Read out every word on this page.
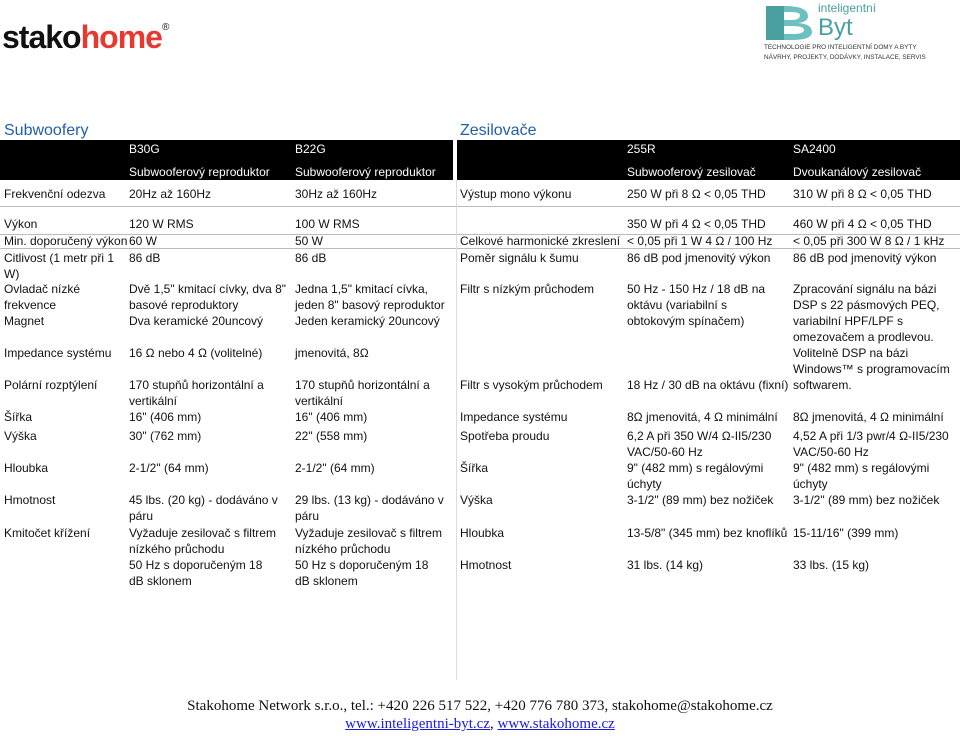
stakohome®
inteligentní
Byt
TECHNOLOGIE PRO INTELIGENTNÍ DOMY A BYTY
NÁVRHY, PROJEKTY, DODÁVKY, INSTALACE, SERVIS
Subwoofery	Zesilovače
B30G
Subwooferový reproduktor
B22G
Subwooferový reproduktor
255R
Subwooferový zesilovač
SA2400
Dvoukanálový zesilovač
Frekvenční odezva	20Hz až 160Hz	30Hz až 160Hz
Výkon	120 W RMS	100 W RMS
Min. doporučený výkon 60 W	50 W
Citlivost (1 metr při 1 W)
86 dB	86 dB
Ovladač nízké frekvence
Dvě 1,5" kmitací cívky, dva 8" basové reproduktory
Jedna 1,5" kmitací cívka, jeden 8" basový reproduktor
Magnet	Dva keramické 20uncový	Jeden keramický 20uncový
Impedance systému	16 Ω nebo 4 Ω (volitelné)	jmenovitá, 8Ω
Polární rozptýlení	170 stupňů horizontální a vertikální
170 stupňů horizontální a vertikální
Šířka	16" (406 mm)	16" (406 mm)
Výška	30" (762 mm)	22" (558 mm)
Hloubka	2-1/2" (64 mm)	2-1/2" (64 mm)
Hmotnost	45 lbs. (20 kg) - dodáváno v páru
29 lbs. (13 kg) - dodáváno v páru
Kmitočet křížení	Vyžaduje zesilovač s filtrem nízkého průchodu
Vyžaduje zesilovač s filtrem nízkého průchodu
50 Hz s doporučeným 18 dB sklonem
50 Hz s doporučeným 18 dB sklonem
Výstup mono výkonu	250 W při 8 Ω < 0,05 THD	310 W při 8 Ω < 0,05 THD
350 W při 4 Ω < 0,05 THD	460 W při 4 Ω < 0,05 THD
Celkové harmonické zkreslení < 0,05 při 1 W 4 Ω / 100 Hz	< 0,05 při 300 W 8 Ω / 1 kHz
Poměr signálu k šumu	86 dB pod jmenovitý výkon	86 dB pod jmenovitý výkon
Filtr s nízkým průchodem	50 Hz - 150 Hz / 18 dB na oktávu (variabilní s obtokovým spínačem)
Zpracování signálu na bázi DSP s 22 pásmových PEQ, variabilní HPF/LPF s omezovačem a prodlevou. Volitelně DSP na bázi Windows™ s programovacím softwarem.
Filtr s vysokým průchodem	18 Hz / 30 dB na oktávu (fixní)
Impedance systému	8Ω jmenovitá, 4 Ω minimální	8Ω jmenovitá, 4 Ω minimální
Spotřeba proudu	6,2 A při 350 W/4 Ω-II5/230 VAC/50-60 Hz
4,52 A při 1/3 pwr/4 Ω-II5/230 VAC/50-60 Hz
Šířka	9" (482 mm) s regálovými úchyty
9" (482 mm) s regálovými úchyty
Výška	3-1/2" (89 mm) bez nožiček	3-1/2" (89 mm) bez nožiček
Hloubka	13-5/8" (345 mm) bez knoflíků 15-11/16" (399 mm)
Hmotnost	31 lbs. (14 kg)	33 lbs. (15 kg)
Stakohome Network s.r.o., tel.: +420 226 517 522, +420 776 780 373, stakohome@stakohome.cz
www.inteligentni-byt.cz, www.stakohome.cz
